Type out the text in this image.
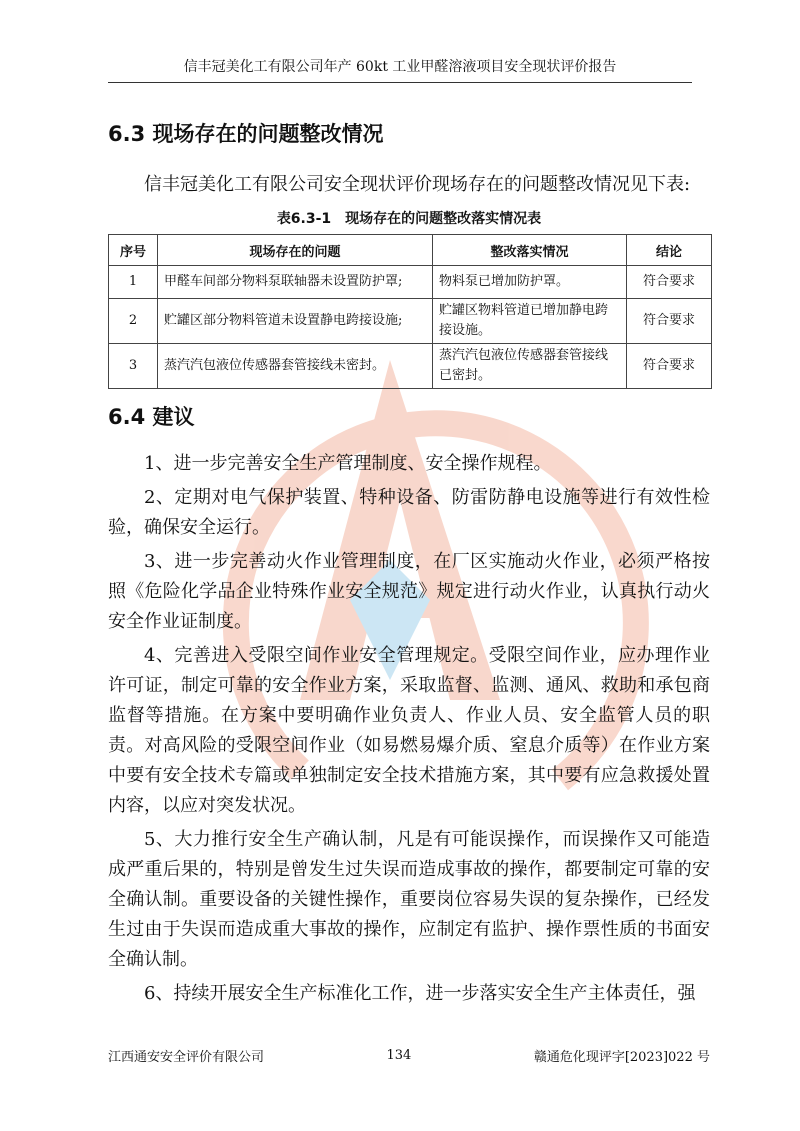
信丰冠美化工有限公司年产 60kt 工业甲醛溶液项目安全现状评价报告
6.3 现场存在的问题整改情况

信丰冠美化工有限公司安全现状评价现场存在的问题整改情况见下表:

表6.3-1　现场存在的问题整改落实情况表
序号	现场存在的问题	整改落实情况	结论
1	甲醛车间部分物料泵联轴器未设置防护罩;	物料泵已增加防护罩。	符合要求
2	贮罐区部分物料管道未设置静电跨接设施;	贮罐区物料管道已增加静电跨接设施。	符合要求
3	蒸汽汽包液位传感器套管接线未密封。	蒸汽汽包液位传感器套管接线已密封。	符合要求
6.4 建议

1、进一步完善安全生产管理制度、安全操作规程。

2、定期对电气保护装置、特种设备、防雷防静电设施等进行有效性检验，确保安全运行。

3、进一步完善动火作业管理制度，在厂区实施动火作业，必须严格按照《危险化学品企业特殊作业安全规范》规定进行动火作业，认真执行动火安全作业证制度。

4、完善进入受限空间作业安全管理规定。受限空间作业，应办理作业许可证，制定可靠的安全作业方案，采取监督、监测、通风、救助和承包商监督等措施。在方案中要明确作业负责人、作业人员、安全监管人员的职责。对高风险的受限空间作业（如易燃易爆介质、窒息介质等）在作业方案中要有安全技术专篇或单独制定安全技术措施方案，其中要有应急救援处置内容，以应对突发状况。

5、大力推行安全生产确认制，凡是有可能误操作，而误操作又可能造成严重后果的，特别是曾发生过失误而造成事故的操作，都要制定可靠的安全确认制。重要设备的关键性操作，重要岗位容易失误的复杂操作，已经发生过由于失误而造成重大事故的操作，应制定有监护、操作票性质的书面安全确认制。

6、持续开展安全生产标准化工作，进一步落实安全生产主体责任，强

江西通安安全评价有限公司	134	赣通危化现评字[2023]022 号
